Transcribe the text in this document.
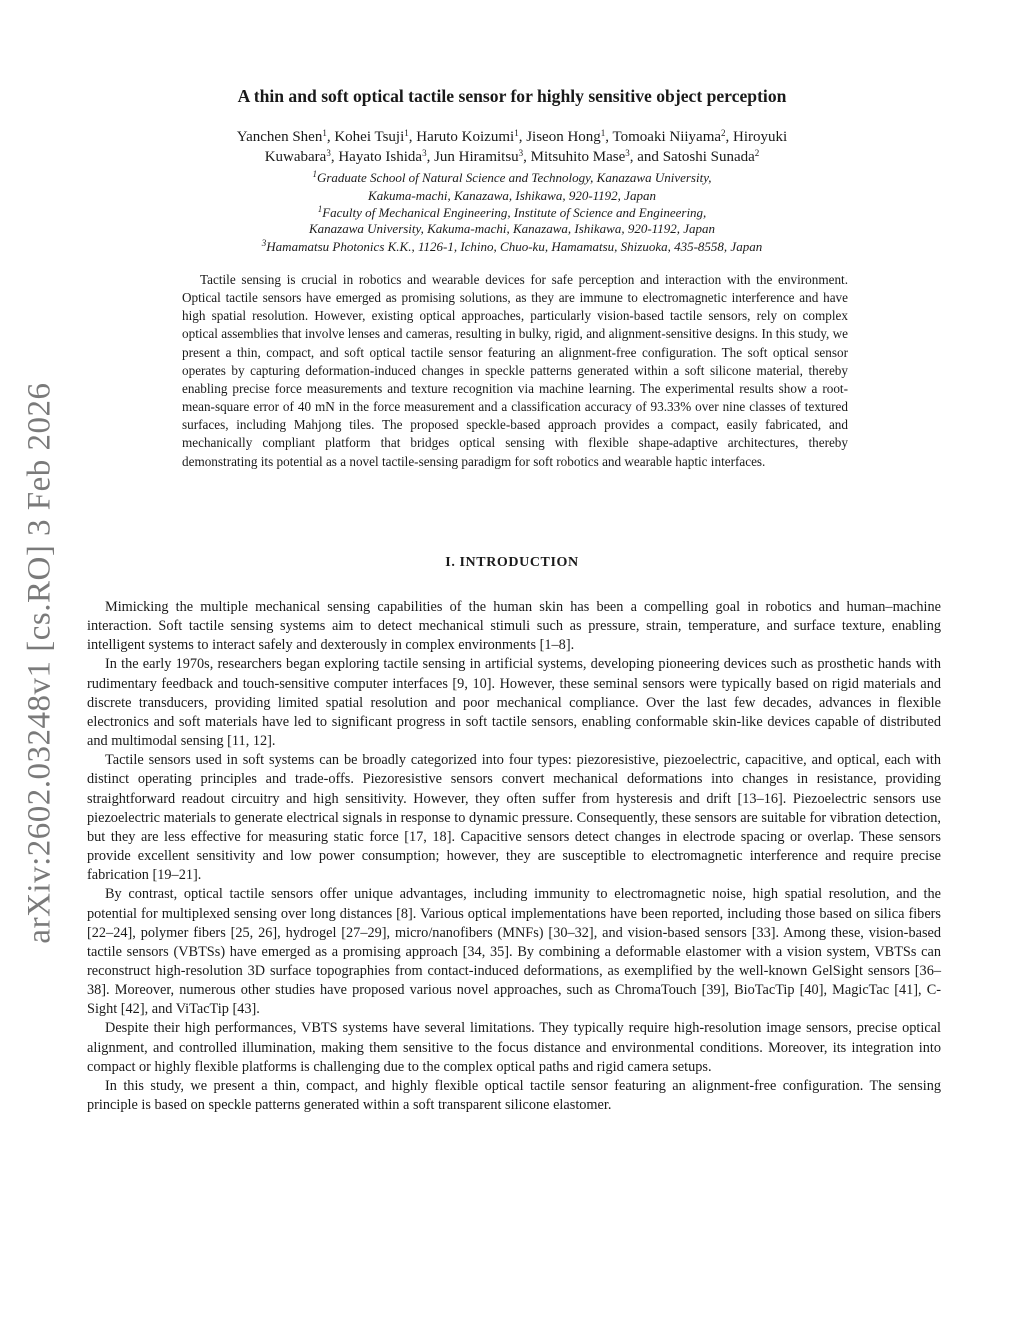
arXiv:2602.03248v1 [cs.RO] 3 Feb 2026
A thin and soft optical tactile sensor for highly sensitive object perception
Yanchen Shen$^1$, Kohei Tsuji$^1$, Haruto Koizumi$^1$, Jiseon Hong$^1$, Tomoaki Niiyama$^2$, Hiroyuki
Kuwabara$^3$, Hayato Ishida$^3$, Jun Hiramitsu$^3$, Mitsuhito Mase$^3$, and Satoshi Sunada$^2$
$^1$Graduate School of Natural Science and Technology, Kanazawa University,
Kakuma-machi, Kanazawa, Ishikawa, 920-1192, Japan
$^1$Faculty of Mechanical Engineering, Institute of Science and Engineering,
Kanazawa University, Kakuma-machi, Kanazawa, Ishikawa, 920-1192, Japan
$^3$Hamamatsu Photonics K.K., 1126-1, Ichino, Chuo-ku, Hamamatsu, Shizuoka, 435-8558, Japan

Tactile sensing is crucial in robotics and wearable devices for safe perception and interaction with the environment. Optical tactile sensors have emerged as promising solutions, as they are immune to electromagnetic interference and have high spatial resolution. However, existing optical approaches, particularly vision-based tactile sensors, rely on complex optical assemblies that involve lenses and cameras, resulting in bulky, rigid, and alignment-sensitive designs. In this study, we present a thin, compact, and soft optical tactile sensor featuring an alignment-free configuration. The soft optical sensor operates by capturing deformation-induced changes in speckle patterns generated within a soft silicone material, thereby enabling precise force measurements and texture recognition via machine learning. The experimental results show a root-mean-square error of 40 mN in the force measurement and a classification accuracy of 93.33% over nine classes of textured surfaces, including Mahjong tiles. The proposed speckle-based approach provides a compact, easily fabricated, and mechanically compliant platform that bridges optical sensing with flexible shape-adaptive architectures, thereby demonstrating its potential as a novel tactile-sensing paradigm for soft robotics and wearable haptic interfaces.

I. INTRODUCTION

Mimicking the multiple mechanical sensing capabilities of the human skin has been a compelling goal in robotics and human–machine interaction. Soft tactile sensing systems aim to detect mechanical stimuli such as pressure, strain, temperature, and surface texture, enabling intelligent systems to interact safely and dexterously in complex environments [1–8].

In the early 1970s, researchers began exploring tactile sensing in artificial systems, developing pioneering devices such as prosthetic hands with rudimentary feedback and touch-sensitive computer interfaces [9, 10]. However, these seminal sensors were typically based on rigid materials and discrete transducers, providing limited spatial resolution and poor mechanical compliance. Over the last few decades, advances in flexible electronics and soft materials have led to significant progress in soft tactile sensors, enabling conformable skin-like devices capable of distributed and multimodal sensing [11, 12].

Tactile sensors used in soft systems can be broadly categorized into four types: piezoresistive, piezoelectric, capacitive, and optical, each with distinct operating principles and trade-offs. Piezoresistive sensors convert mechanical deformations into changes in resistance, providing straightforward readout circuitry and high sensitivity. However, they often suffer from hysteresis and drift [13–16]. Piezoelectric sensors use piezoelectric materials to generate electrical signals in response to dynamic pressure. Consequently, these sensors are suitable for vibration detection, but they are less effective for measuring static force [17, 18]. Capacitive sensors detect changes in electrode spacing or overlap. These sensors provide excellent sensitivity and low power consumption; however, they are susceptible to electromagnetic interference and require precise fabrication [19–21].

By contrast, optical tactile sensors offer unique advantages, including immunity to electromagnetic noise, high spatial resolution, and the potential for multiplexed sensing over long distances [8]. Various optical implementations have been reported, including those based on silica fibers [22–24], polymer fibers [25, 26], hydrogel [27–29], micro/nanofibers (MNFs) [30–32], and vision-based sensors [33]. Among these, vision-based tactile sensors (VBTSs) have emerged as a promising approach [34, 35]. By combining a deformable elastomer with a vision system, VBTSs can reconstruct high-resolution 3D surface topographies from contact-induced deformations, as exemplified by the well-known GelSight sensors [36–38]. Moreover, numerous other studies have proposed various novel approaches, such as ChromaTouch [39], BioTacTip [40], MagicTac [41], C-Sight [42], and ViTacTip [43].

Despite their high performances, VBTS systems have several limitations. They typically require high-resolution image sensors, precise optical alignment, and controlled illumination, making them sensitive to the focus distance and environmental conditions. Moreover, its integration into compact or highly flexible platforms is challenging due to the complex optical paths and rigid camera setups.

In this study, we present a thin, compact, and highly flexible optical tactile sensor featuring an alignment-free configuration. The sensing principle is based on speckle patterns generated within a soft transparent silicone elastomer.
